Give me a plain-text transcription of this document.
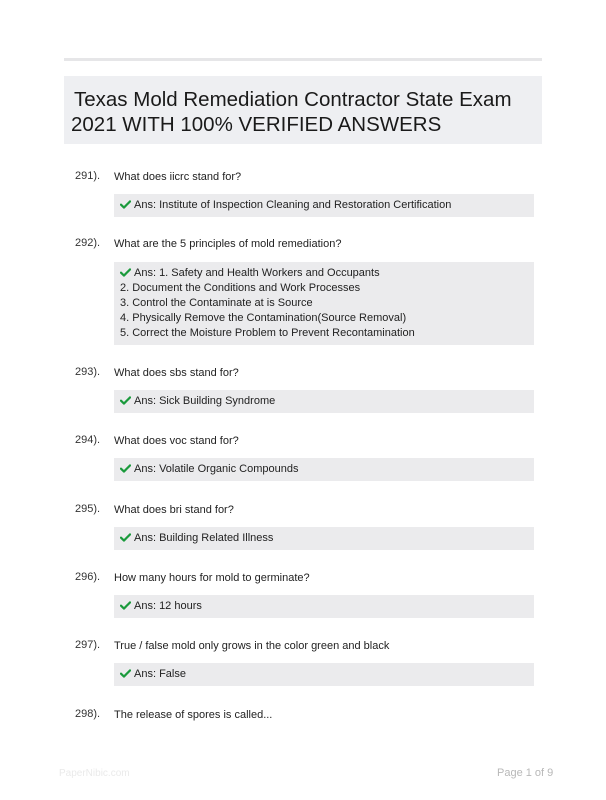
Texas Mold Remediation Contractor State Exam
2021 WITH 100% VERIFIED ANSWERS
291). What does iicrc stand for?
Ans: Institute of Inspection Cleaning and Restoration Certification
292). What are the 5 principles of mold remediation?
Ans: 1. Safety and Health Workers and Occupants
2. Document the Conditions and Work Processes
3. Control the Contaminate at is Source
4. Physically Remove the Contamination(Source Removal)
5. Correct the Moisture Problem to Prevent Recontamination
293). What does sbs stand for?
Ans: Sick Building Syndrome
294). What does voc stand for?
Ans: Volatile Organic Compounds
295). What does bri stand for?
Ans: Building Related Illness
296). How many hours for mold to germinate?
Ans: 12 hours
297). True / false mold only grows in the color green and black
Ans: False
298). The release of spores is called...
PaperNibic.com	Page 1 of 9
